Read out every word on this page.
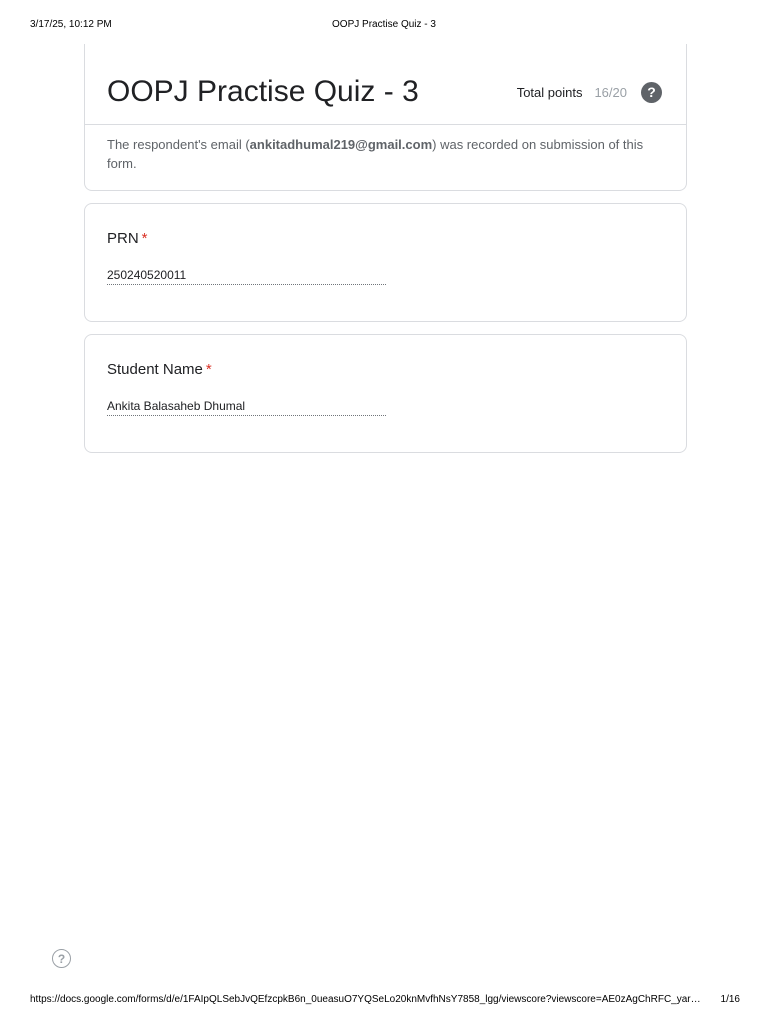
3/17/25, 10:12 PM	OOPJ Practise Quiz - 3
OOPJ Practise Quiz - 3	Total points 16/20	?
The respondent's email (ankitadhumal219@gmail.com) was recorded on submission of this form.
PRN *
250240520011
Student Name *
Ankita Balasaheb Dhumal
?
https://docs.google.com/forms/d/e/1FAIpQLSebJvQEfzcpkB6n_0ueasuO7YQSeLo20knMvfhNsY7858_lgg/viewscore?viewscore=AE0zAgChRFC_yar…	1/16
